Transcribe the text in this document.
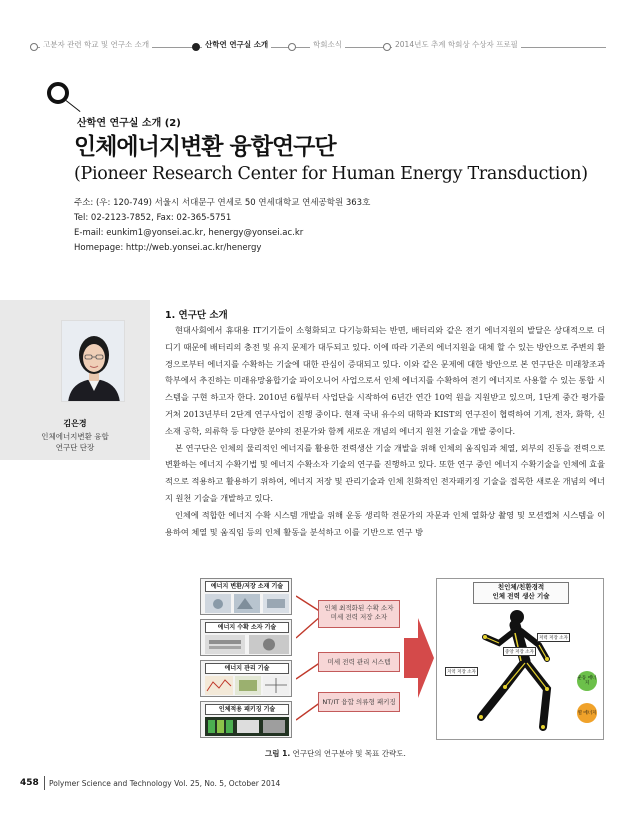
고분자 관련 학교 및 연구소 소개	산학연 연구실 소개	학회소식	2014년도 추계 학회상 수상자 프로필
산학연 연구실 소개 (2)
인체에너지변환 융합연구단
(Pioneer Research Center for Human Energy Transduction)
주소: (우: 120-749) 서울시 서대문구 연세로 50 연세대학교 연세공학원 363호
Tel: 02-2123-7852, Fax: 02-365-5751
E-mail: eunkim1@yonsei.ac.kr, henergy@yonsei.ac.kr
Homepage: http://web.yonsei.ac.kr/henergy
김은경
인체에너지변환 융합
연구단 단장
1. 연구단 소개

현대사회에서 휴대용 IT기기들이 소형화되고 다기능화되는 반면, 배터리와 같은 전기 에너지원의 발달은 상대적으로 더디기 때문에 배터리의 충전 및 유지 문제가 대두되고 있다. 이에 따라 기존의 에너지원을 대체 할 수 있는 방안으로 주변의 환경으로부터 에너지를 수확하는 기술에 대한 관심이 증대되고 있다. 이와 같은 문제에 대한 방안으로 본 연구단은 미래창조과학부에서 추진하는 미래유망융합기술 파이오니어 사업으로서 인체 에너지를 수확하여 전기 에너지로 사용할 수 있는 통합 시스템을 구현 하고자 한다. 2010년 6월부터 사업단을 시작하여 6년간 연간 10억 원을 지원받고 있으며, 1단계 중간 평가를 거쳐 2013년부터 2단계 연구사업이 진행 중이다. 현재 국내 유수의 대학과 KIST의 연구진이 협력하여 기계, 전자, 화학, 신소재 공학, 의류학 등 다양한 분야의 전문가와 함께 새로운 개념의 에너지 원천 기술을 개발 중이다.

본 연구단은 인체의 물리적인 에너지를 활용한 전력생산 기술 개발을 위해 인체의 움직임과 체열, 외부의 진동을 전력으로 변환하는 에너지 수확기법 및 에너지 수확소자 기술의 연구를 진행하고 있다. 또한 연구 중인 에너지 수확기술을 인체에 효율적으로 적용하고 활용하기 위하여, 에너지 저장 및 관리기술과 인체 친화적인 전자패키징 기술을 접목한 새로운 개념의 에너지 원천 기술을 개발하고 있다.

인체에 적합한 에너지 수확 시스템 개발을 위해 운동 생리학 전문가의 자문과 인체 열화상 촬영 및 모션캡쳐 시스템을 이용하여 체열 및 움직임 등의 인체 활동을 분석하고 이를 기반으로 연구 방

에너지 변환/저장 소재 기술
에너지 수확 소자 기술
에너지 관리 기술
인체적용 패키징 기술
인체 최적화된 수확 소자
미세 전력 저장 소자
미세 전력 관리 시스템
NT/IT 융합 의류형 패키징
친인체/친환경적
인체 전력 생산 기술
중앙 저장 소자
저력 저장 소자
지역 저장 소자
운동 에너지
열 에너지
그림 1. 연구단의 연구분야 및 목표 간략도.
458 Polymer Science and Technology Vol. 25, No. 5, October 2014
